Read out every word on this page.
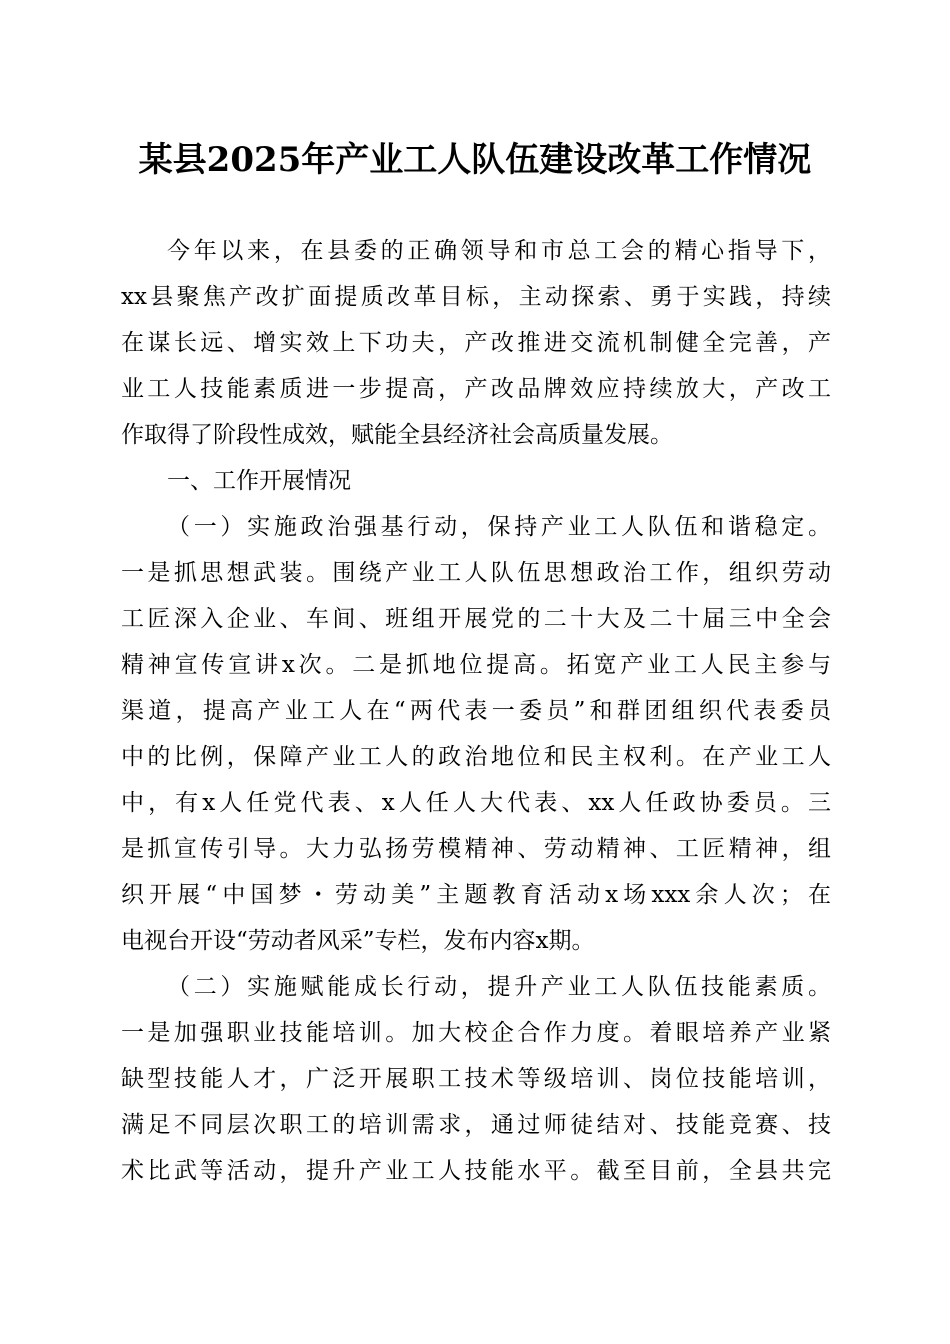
某县2025年产业工人队伍建设改革工作情况

今年以来，在县委的正确领导和市总工会的精心指导下，

xx县聚焦产改扩面提质改革目标，主动探索、勇于实践，持续

在谋长远、增实效上下功夫，产改推进交流机制健全完善，产

业工人技能素质进一步提高，产改品牌效应持续放大，产改工

作取得了阶段性成效，赋能全县经济社会高质量发展。

一、工作开展情况

（一）实施政治强基行动，保持产业工人队伍和谐稳定。

一是抓思想武装。围绕产业工人队伍思想政治工作，组织劳动

工匠深入企业、车间、班组开展党的二十大及二十届三中全会

精神宣传宣讲x次。二是抓地位提高。拓宽产业工人民主参与

渠道，提高产业工人在“两代表一委员”和群团组织代表委员

中的比例，保障产业工人的政治地位和民主权利。在产业工人

中，有x人任党代表、x人任人大代表、xx人任政协委员。三

是抓宣传引导。大力弘扬劳模精神、劳动精神、工匠精神，组

织开展“中国梦・劳动美”主题教育活动x场xxx余人次；在

电视台开设“劳动者风采”专栏，发布内容x期。

（二）实施赋能成长行动，提升产业工人队伍技能素质。

一是加强职业技能培训。加大校企合作力度。着眼培养产业紧

缺型技能人才，广泛开展职工技术等级培训、岗位技能培训，

满足不同层次职工的培训需求，通过师徒结对、技能竞赛、技

术比武等活动，提升产业工人技能水平。截至目前，全县共完
